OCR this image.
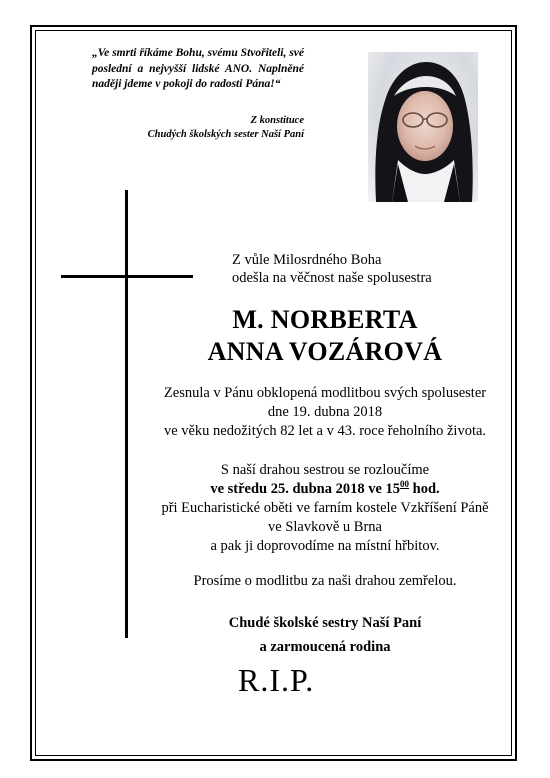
„Ve smrti říkáme Bohu, svému Stvořiteli, své poslední a nejvyšší lidské ANO. Naplněné naději jdeme v pokoji do radosti Pána!“
Z konstituce
Chudých školských sester Naší Paní
Z vůle Milosrdného Boha
odešla na věčnost naše spolusestra
M. NORBERTA
ANNA VOZÁROVÁ
Zesnula v Pánu obklopená modlitbou svých spolusester
dne 19. dubna 2018
ve věku nedožitých 82 let a v 43. roce řeholního života.
S naší drahou sestrou se rozloučíme
ve středu 25. dubna 2018 ve $15^{00}$ hod.
při Eucharistické oběti ve farním kostele Vzkříšení Páně
ve Slavkově u Brna
a pak ji doprovodíme na místní hřbitov.
Prosíme o modlitbu za naši drahou zemřelou.
Chudé školské sestry Naší Paní
a zarmoucená rodina
R.I.P.
